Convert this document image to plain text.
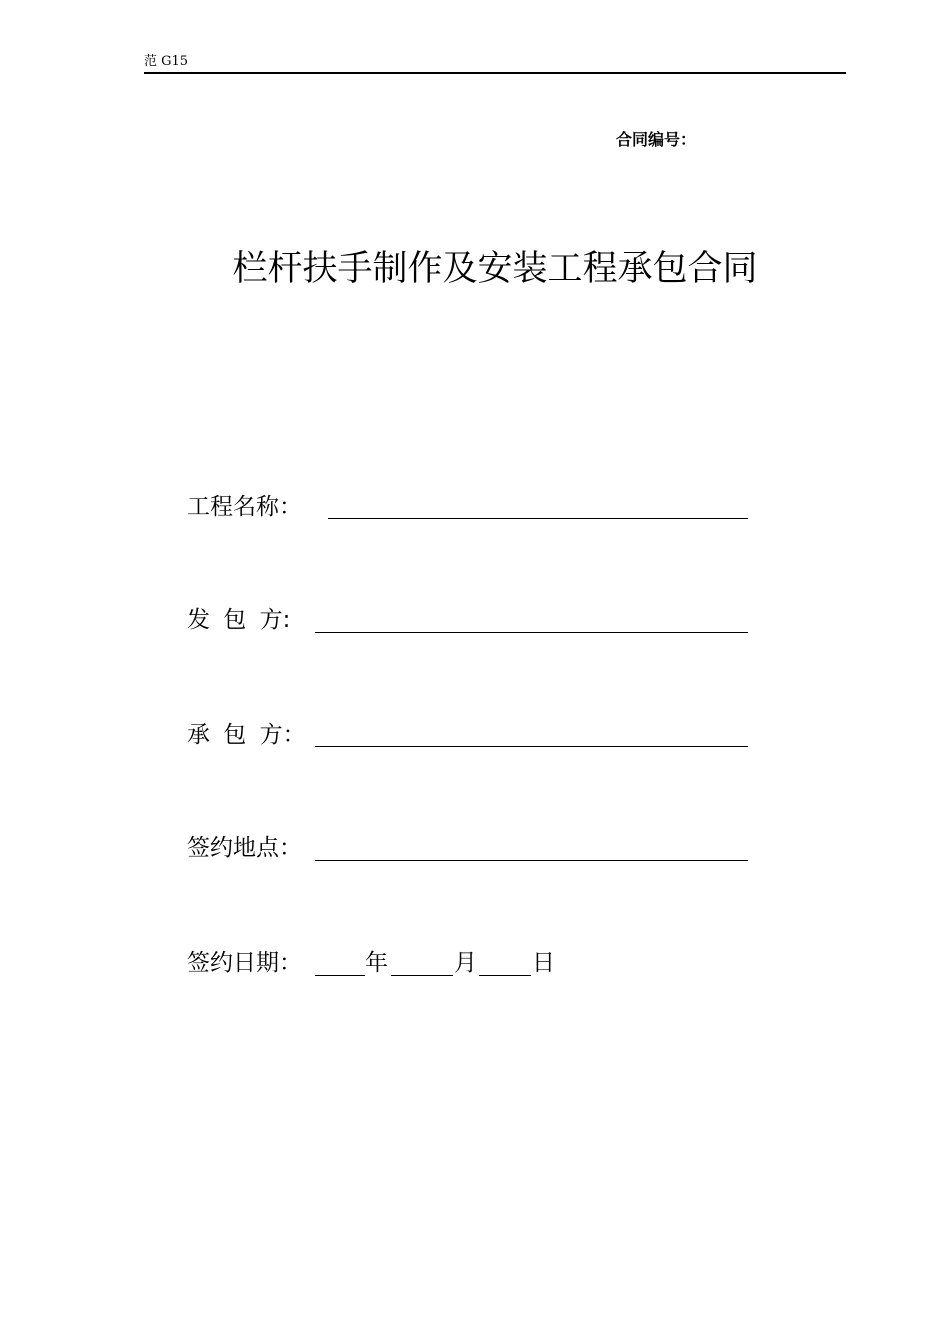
范 G15
合同编号：
栏杆扶手制作及安装工程承包合同
工程名称：
发 包 方:
承 包 方：
签约地点：
签约日期：	年	月 日
